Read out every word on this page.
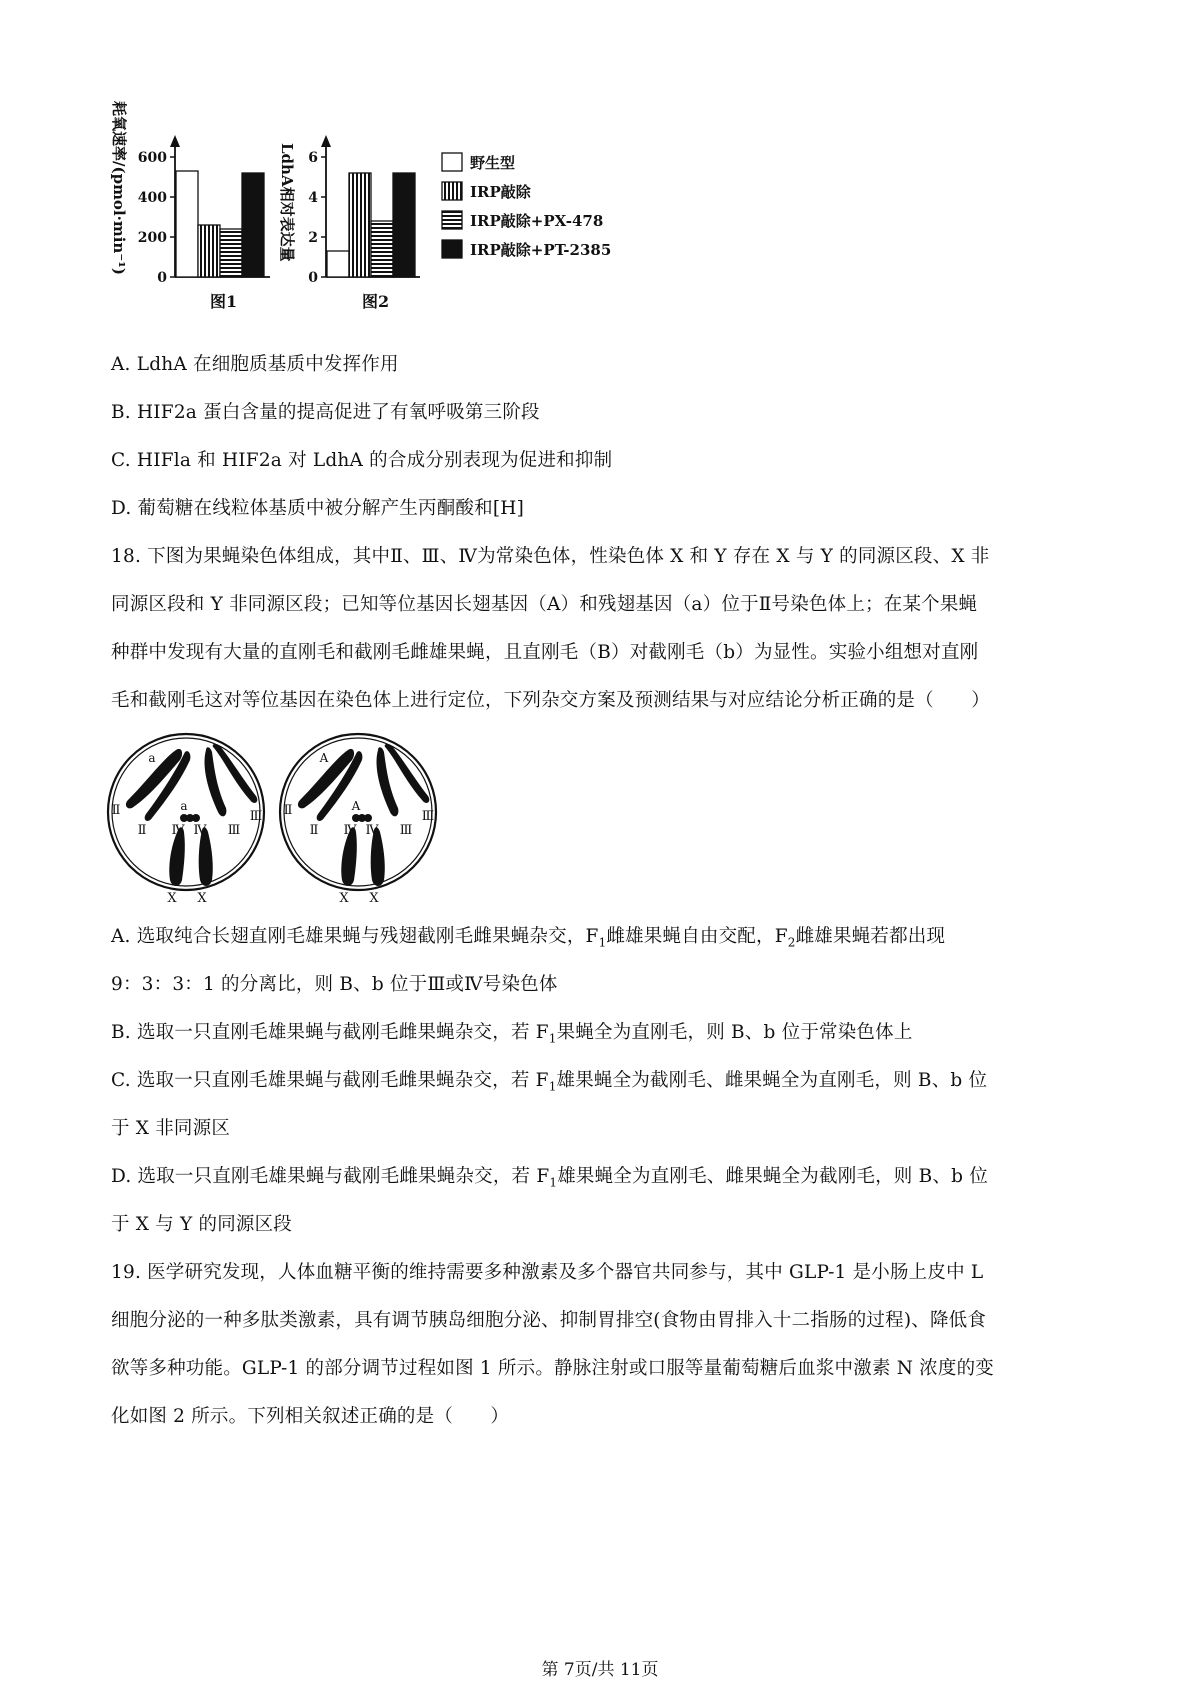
耗氧速率/(pmol·min⁻¹)
0
200
400
600
图1
LdhA相对表达量
0
2
4
6
图2
野生型
IRP敲除
IRP敲除+PX-478
IRP敲除+PT-2385
A. LdhA 在细胞质基质中发挥作用
B. HIF2a 蛋白含量的提高促进了有氧呼吸第三阶段
C. HIFla 和 HIF2a 对 LdhA 的合成分别表现为促进和抑制
D. 葡萄糖在线粒体基质中被分解产生丙酮酸和[H]
18. 下图为果蝇染色体组成，其中Ⅱ、Ⅲ、Ⅳ为常染色体，性染色体 X 和 Y 存在 X 与 Y 的同源区段、X 非
同源区段和 Y 非同源区段；已知等位基因长翅基因（A）和残翅基因（a）位于Ⅱ号染色体上；在某个果蝇
种群中发现有大量的直刚毛和截刚毛雌雄果蝇，且直刚毛（B）对截刚毛（b）为显性。实验小组想对直刚
毛和截刚毛这对等位基因在染色体上进行定位，下列杂交方案及预测结果与对应结论分析正确的是（　　）
a
a
Ⅱ
Ⅱ Ⅳ Ⅳ Ⅲ
Ⅲ
X X
A
A
Ⅱ
Ⅱ Ⅳ Ⅳ Ⅲ
Ⅲ
X X
A. 选取纯合长翅直刚毛雄果蝇与残翅截刚毛雌果蝇杂交，$F_1$雌雄果蝇自由交配，$F_2$雌雄果蝇若都出现
9：3：3：1 的分离比，则 B、b 位于Ⅲ或Ⅳ号染色体
B. 选取一只直刚毛雄果蝇与截刚毛雌果蝇杂交，若 $F_1$果蝇全为直刚毛，则 B、b 位于常染色体上
C. 选取一只直刚毛雄果蝇与截刚毛雌果蝇杂交，若 $F_1$雄果蝇全为截刚毛、雌果蝇全为直刚毛，则 B、b 位
于 X 非同源区
D. 选取一只直刚毛雄果蝇与截刚毛雌果蝇杂交，若 $F_1$雄果蝇全为直刚毛、雌果蝇全为截刚毛，则 B、b 位
于 X 与 Y 的同源区段
19. 医学研究发现，人体血糖平衡的维持需要多种激素及多个器官共同参与，其中 GLP-1 是小肠上皮中 L
细胞分泌的一种多肽类激素，具有调节胰岛细胞分泌、抑制胃排空(食物由胃排入十二指肠的过程)、降低食
欲等多种功能。GLP-1 的部分调节过程如图 1 所示。静脉注射或口服等量葡萄糖后血浆中激素 N 浓度的变
化如图 2 所示。下列相关叙述正确的是（　　）
第 7页/共 11页
